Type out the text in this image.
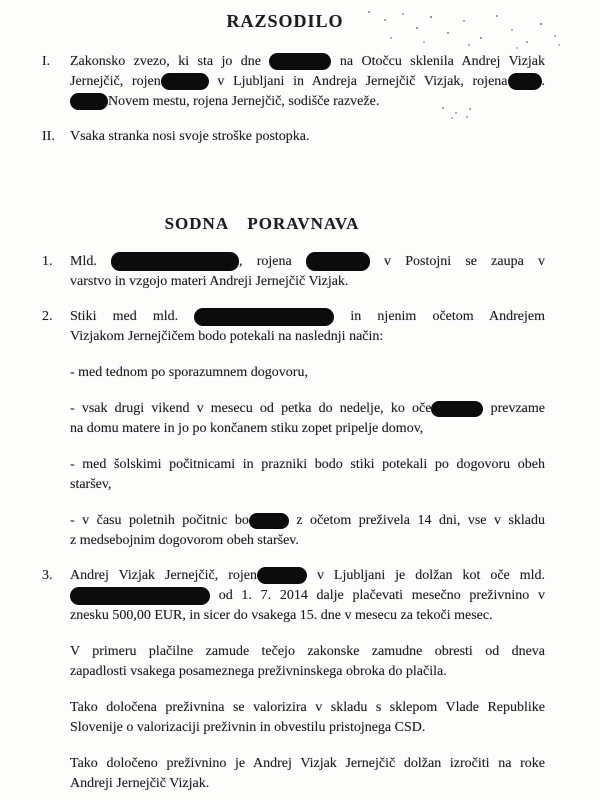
RAZSODILO
I.	Zakonsko zvezo, ki sta jo dne	na Otočcu sklenila Andrej Vizjak
Jernejčič, rojen	v Ljubljani in Andreja Jernejčič Vizjak, rojena .
Novem mestu, rojena Jernejčič, sodišče razveže.
II.	Vsaka stranka nosi svoje stroške postopka.
SODNA PORAVNAVA
1.	Mld.	, rojena	v Postojni se zaupa v
varstvo in vzgojo materi Andreji Jernejčič Vizjak.
2.	Stiki med mld.	in njenim očetom Andrejem
Vizjakom Jernejčičem bodo potekali na naslednji način:
- med tednom po sporazumnem dogovoru,
- vsak drugi vikend v mesecu od petka do nedelje, ko oče	prevzame
na domu matere in jo po končanem stiku zopet pripelje domov,
- med šolskimi počitnicami in prazniki bodo stiki potekali po dogovoru obeh
staršev,
- v času poletnih počitnic bo	z očetom preživela 14 dni, vse v skladu
z medsebojnim dogovorom obeh staršev.
3.	Andrej Vizjak Jernejčič, rojen	v Ljubljani je dolžan kot oče mld.
od 1. 7. 2014 dalje plačevati mesečno preživnino v
znesku 500,00 EUR, in sicer do vsakega 15. dne v mesecu za tekoči mesec.
V primeru plačilne zamude tečejo zakonske zamudne obresti od dneva
zapadlosti vsakega posameznega preživninskega obroka do plačila.
Tako določena preživnina se valorizira v skladu s sklepom Vlade Republike
Slovenije o valorizaciji preživnin in obvestilu pristojnega CSD.
Tako določeno preživnino je Andrej Vizjak Jernejčič dolžan izročiti na roke
Andreji Jernejčič Vizjak.
